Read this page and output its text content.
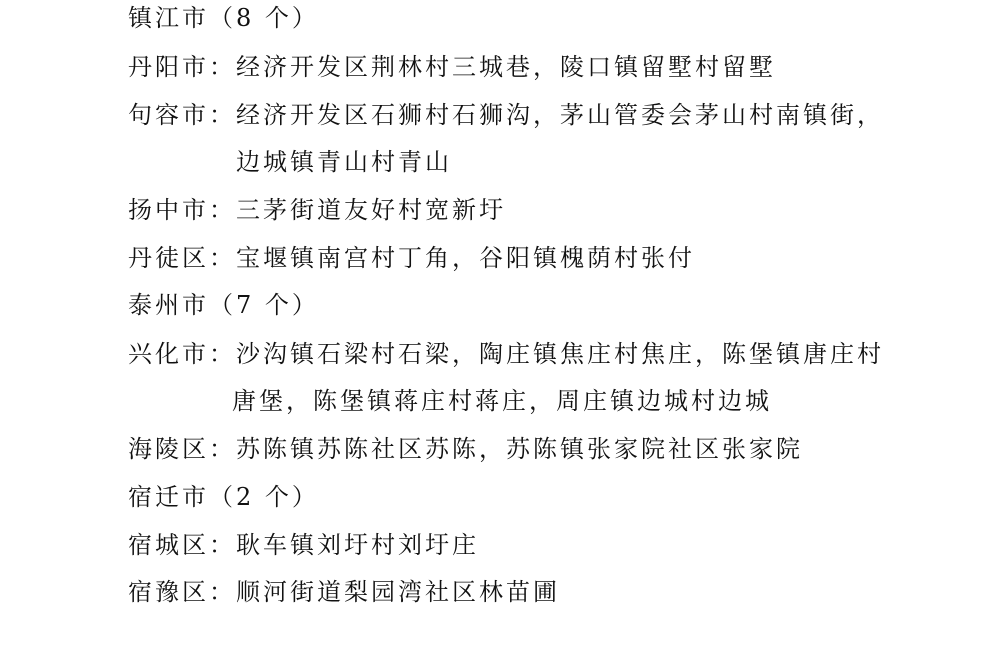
镇江市（8 个）
丹阳市：经济开发区荆林村三城巷，陵口镇留墅村留墅
句容市：经济开发区石狮村石狮沟，茅山管委会茅山村南镇街，
边城镇青山村青山
扬中市：三茅街道友好村宽新圩
丹徒区：宝堰镇南宫村丁角，谷阳镇槐荫村张付
泰州市（7 个）
兴化市：沙沟镇石梁村石梁，陶庄镇焦庄村焦庄，陈堡镇唐庄村
唐堡，陈堡镇蒋庄村蒋庄，周庄镇边城村边城
海陵区：苏陈镇苏陈社区苏陈，苏陈镇张家院社区张家院
宿迁市（2 个）
宿城区：耿车镇刘圩村刘圩庄
宿豫区：顺河街道梨园湾社区林苗圃
